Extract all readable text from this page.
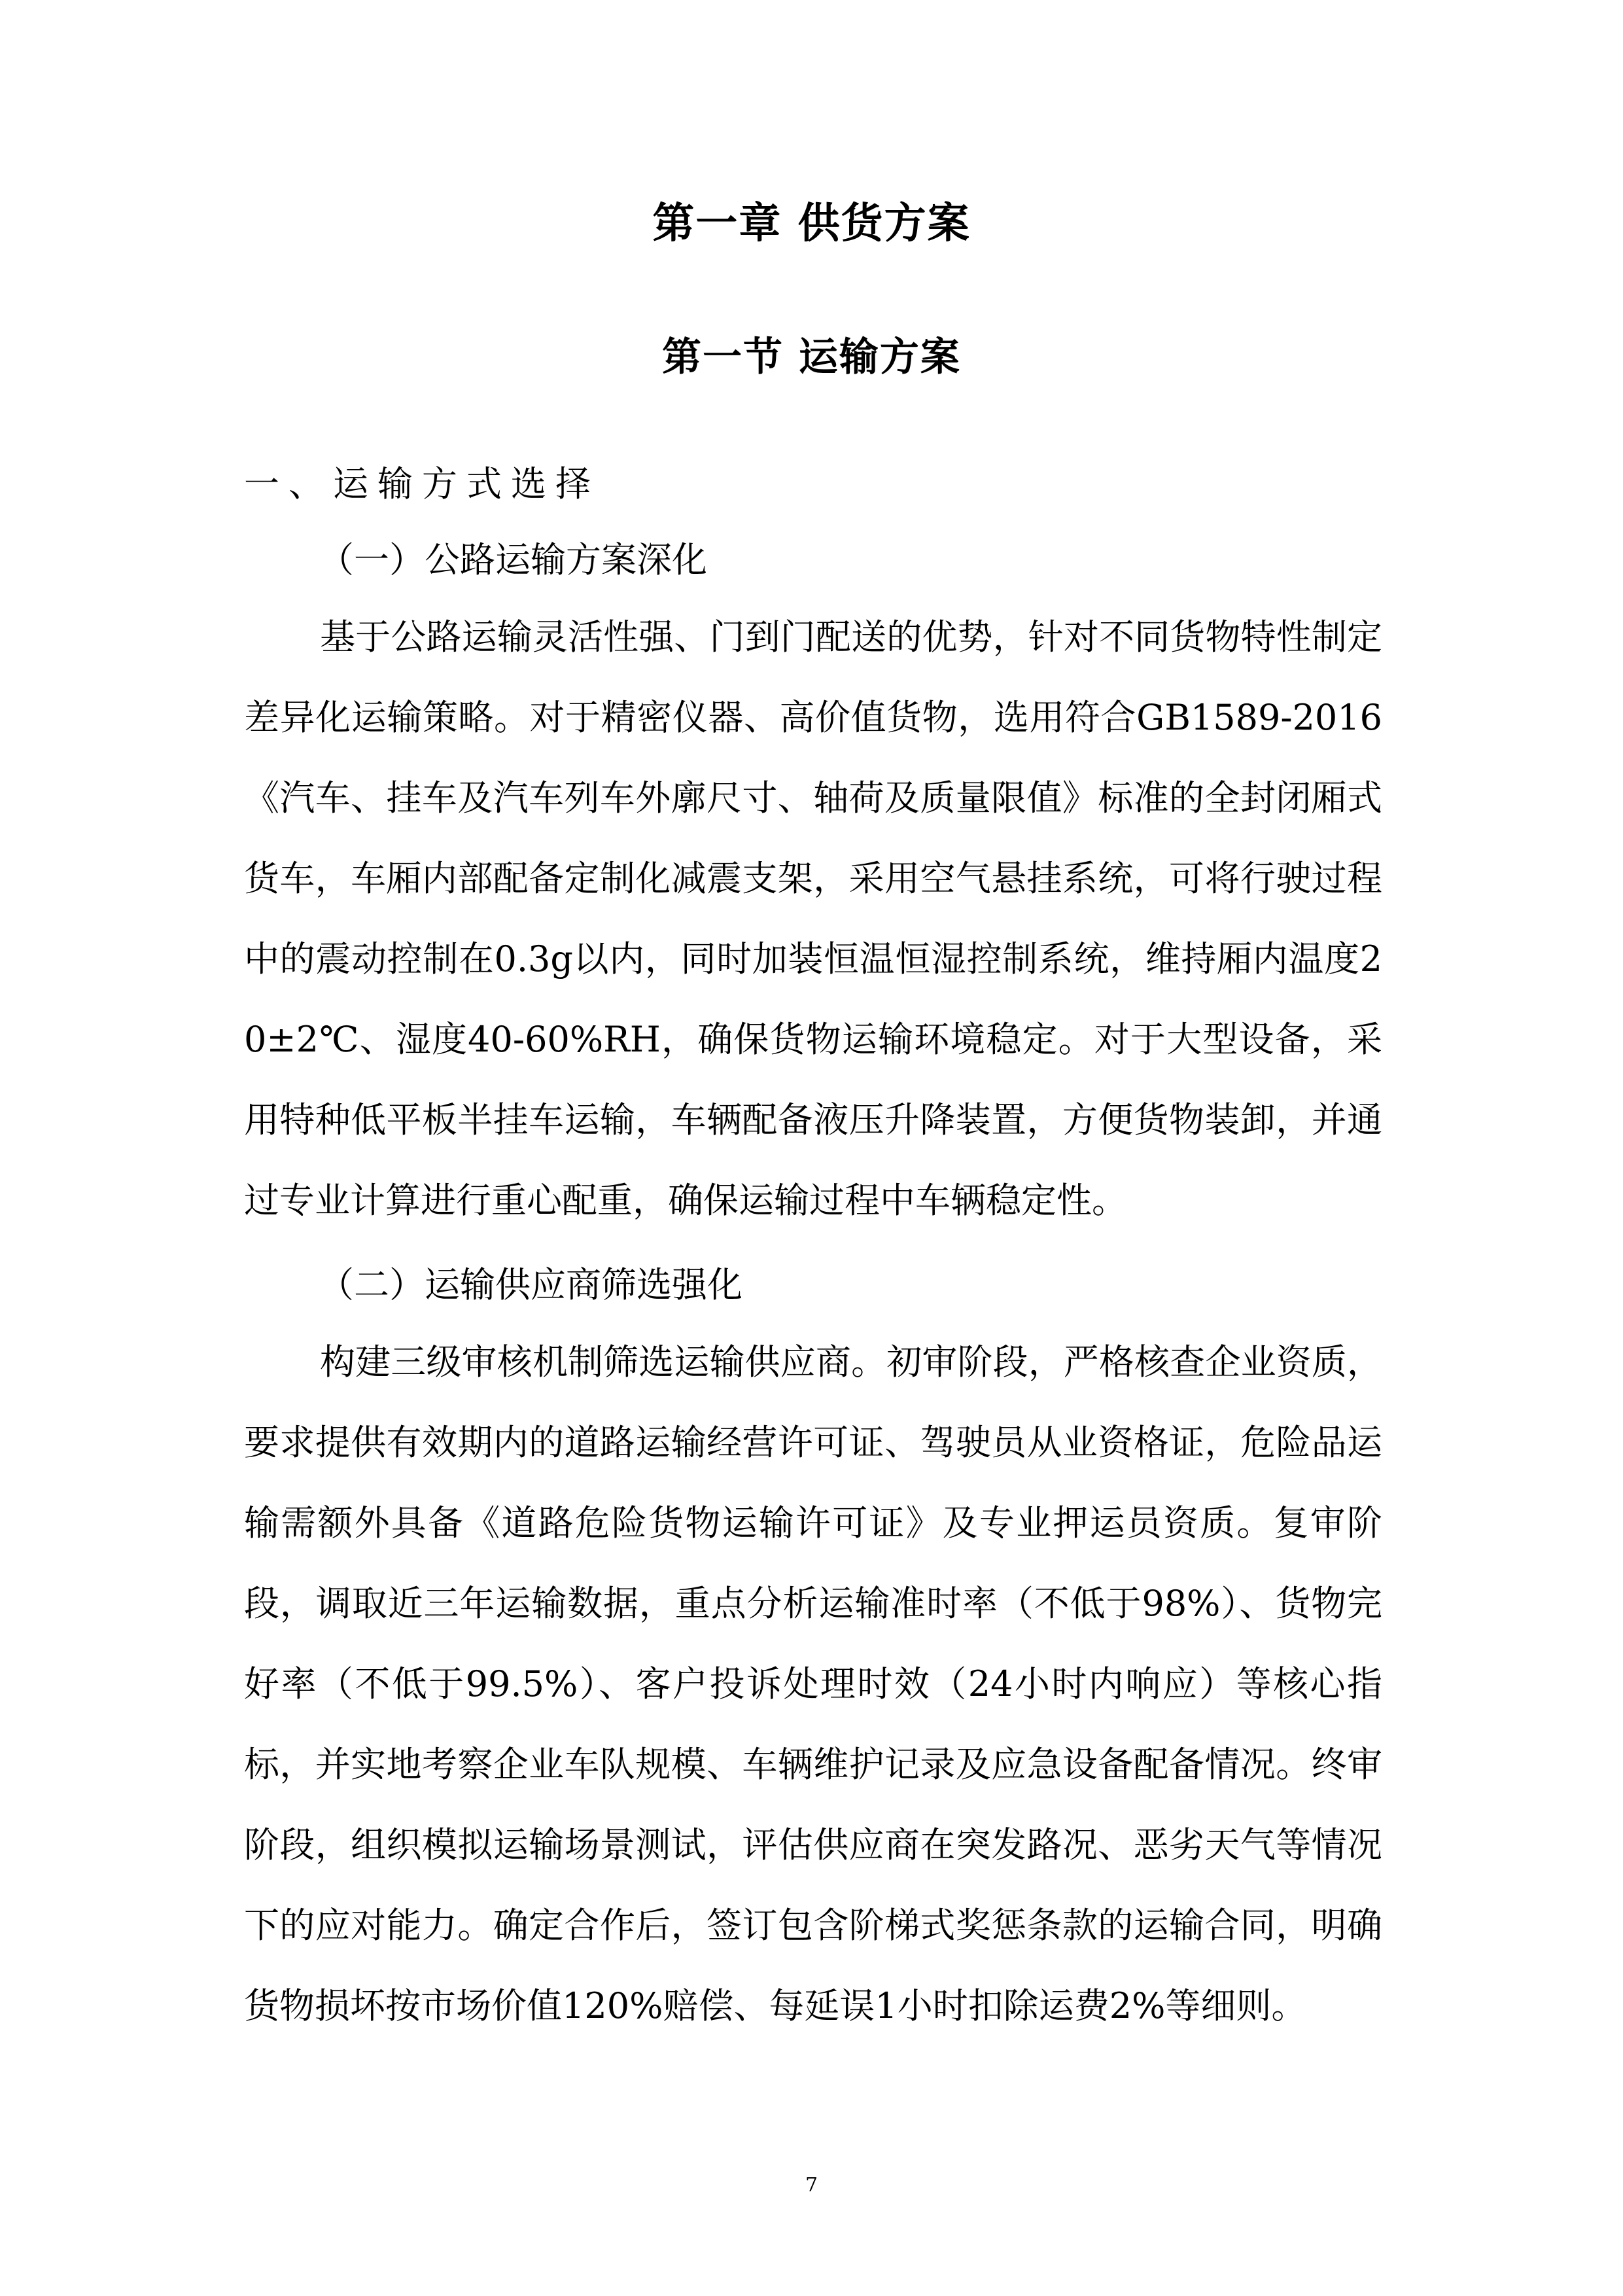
第一章 供货方案
第一节 运输方案
一、运输方式选择
（一）公路运输方案深化
基于公路运输灵活性强、门到门配送的优势，针对不同货物特性制定差异化运输策略。对于精密仪器、高价值货物，选用符合GB1589-2016《汽车、挂车及汽车列车外廓尺寸、轴荷及质量限值》标准的全封闭厢式货车，车厢内部配备定制化减震支架，采用空气悬挂系统，可将行驶过程中的震动控制在0.3g以内，同时加装恒温恒湿控制系统，维持厢内温度20±2℃、湿度40-60%RH，确保货物运输环境稳定。对于大型设备，采用特种低平板半挂车运输，车辆配备液压升降装置，方便货物装卸，并通过专业计算进行重心配重，确保运输过程中车辆稳定性。
（二）运输供应商筛选强化
构建三级审核机制筛选运输供应商。初审阶段，严格核查企业资质，要求提供有效期内的道路运输经营许可证、驾驶员从业资格证，危险品运输需额外具备《道路危险货物运输许可证》及专业押运员资质。复审阶段，调取近三年运输数据，重点分析运输准时率（不低于98%）、货物完好率（不低于99.5%）、客户投诉处理时效（24小时内响应）等核心指标，并实地考察企业车队规模、车辆维护记录及应急设备配备情况。终审阶段，组织模拟运输场景测试，评估供应商在突发路况、恶劣天气等情况下的应对能力。确定合作后，签订包含阶梯式奖惩条款的运输合同，明确货物损坏按市场价值120%赔偿、每延误1小时扣除运费2%等细则。
7
